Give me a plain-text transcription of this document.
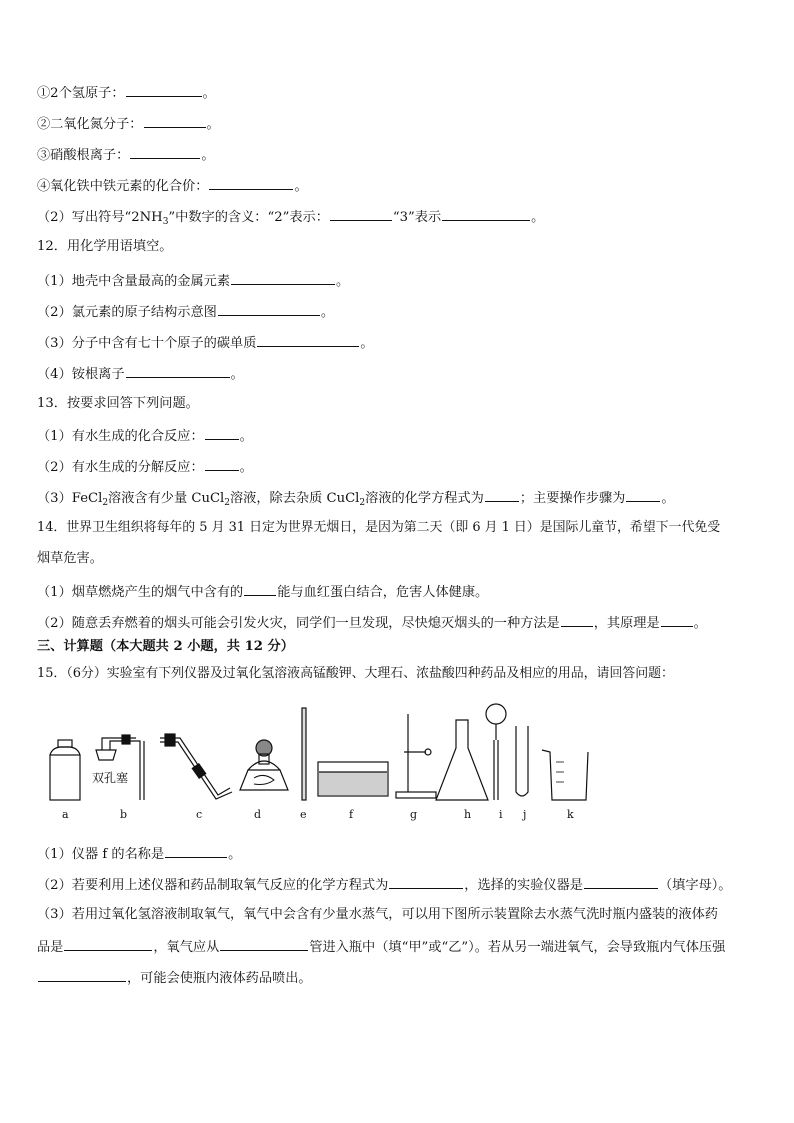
①2个氢原子：	。
②二氧化氮分子：	。
③硝酸根离子：	。
④氧化铁中铁元素的化合价：	。
（2）写出符号“$2NH_3$”中数字的含义：“2”表示：	“3”表示	。
12．用化学用语填空。
（1）地壳中含量最高的金属元素	。
（2）氯元素的原子结构示意图	。
（3）分子中含有七十个原子的碳单质	。
（4）铵根离子	。
13．按要求回答下列问题。
（1）有水生成的化合反应：	。
（2）有水生成的分解反应：	。
（3）FeCl$_2$溶液含有少量 CuCl$_2$溶液，除去杂质 CuCl$_2$溶液的化学方程式为	；主要操作步骤为	。
14．世界卫生组织将每年的 5 月 31 日定为世界无烟日，是因为第二天（即 6 月 1 日）是国际儿童节，希望下一代免受
烟草危害。
（1）烟草燃烧产生的烟气中含有的	能与血红蛋白结合，危害人体健康。
（2）随意丢弃燃着的烟头可能会引发火灾，同学们一旦发现，尽快熄灭烟头的一种方法是	，其原理是	。
三、计算题（本大题共 2 小题，共 12 分）
15．（6分）实验室有下列仪器及过氧化氢溶液高锰酸钾、大理石、浓盐酸四种药品及相应的用品，请回答问题：
双孔塞
a	b	c	d	e	f	g	h	i j	k
（1）仪器 f 的名称是	。
（2）若要利用上述仪器和药品制取氧气反应的化学方程式为	，选择的实验仪器是	（填字母）。
（3）若用过氧化氢溶液制取氧气，氧气中会含有少量水蒸气，可以用下图所示装置除去水蒸气洗时瓶内盛装的液体药
品是	，氧气应从	管进入瓶中（填“甲”或“乙”）。若从另一端进氧气，会导致瓶内气体压强
，可能会使瓶内液体药品喷出。
